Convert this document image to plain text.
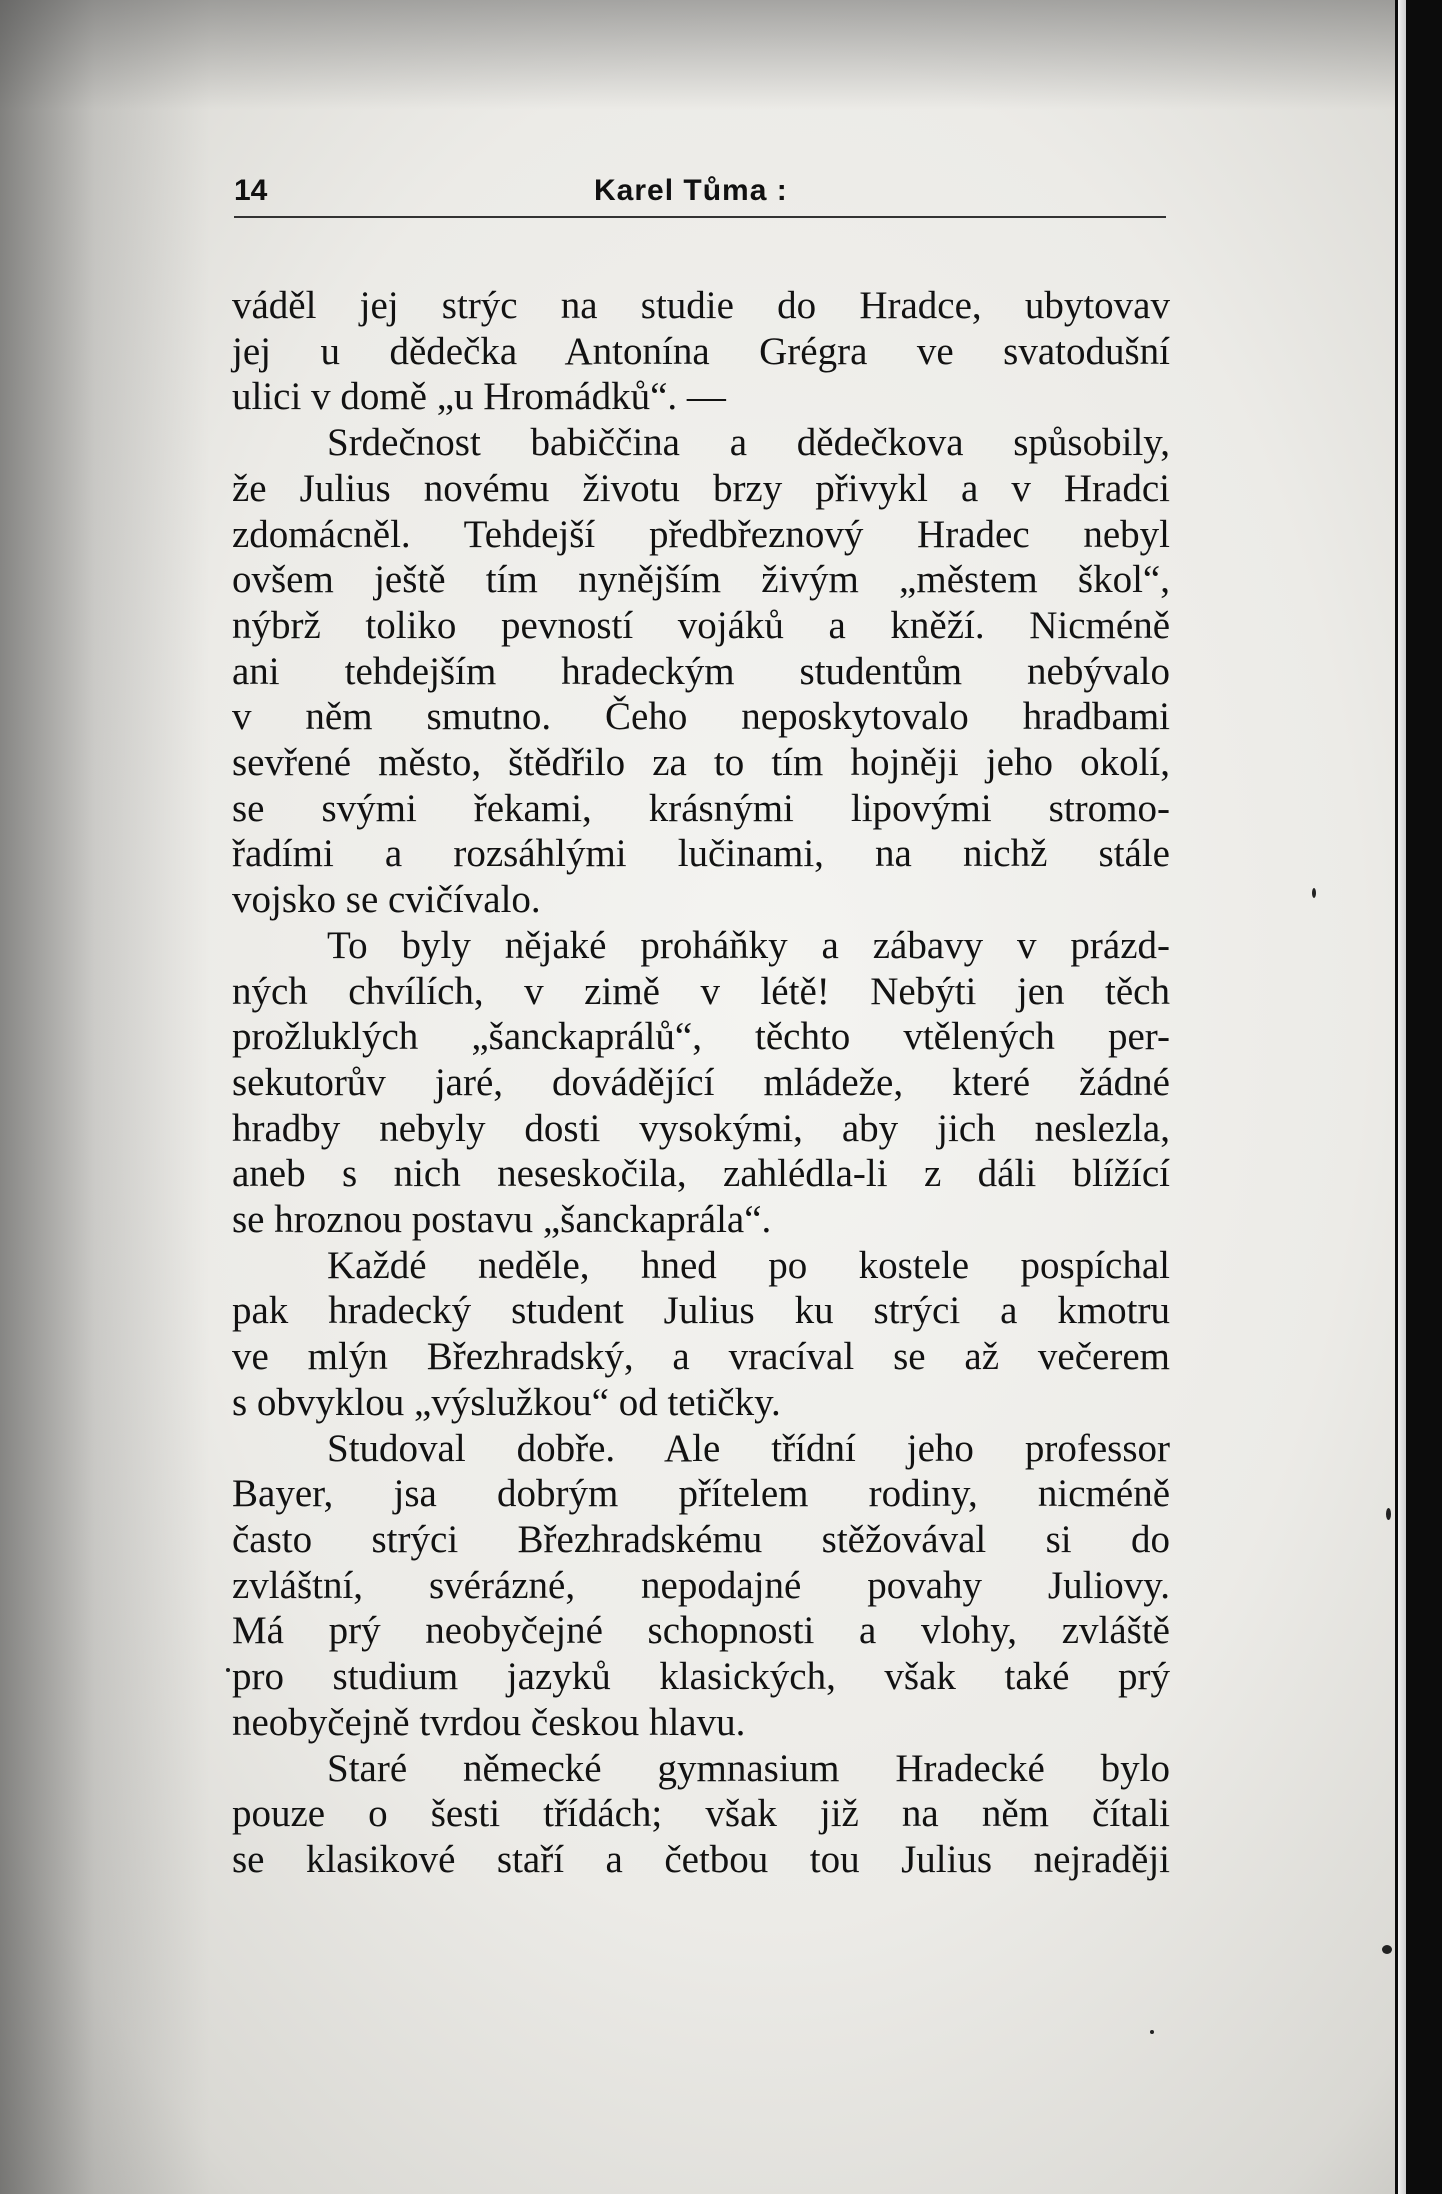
14	Karel Tůma :
váděl jej strýc na studie do Hradce, ubytovav
jej u dědečka Antonína Grégra ve svatodušní
ulici v domě „u Hromádků“. —
Srdečnost babiččina a dědečkova spůsobily,
že Julius novému životu brzy přivykl a v Hradci
zdomácněl. Tehdejší předbřeznový Hradec nebyl
ovšem ještě tím nynějším živým „městem škol“,
nýbrž toliko pevností vojáků a kněží. Nicméně
ani tehdejším hradeckým studentům nebývalo
v něm smutno. Čeho neposkytovalo hradbami
sevřené město, štědřilo za to tím hojněji jeho okolí,
se svými řekami, krásnými lipovými stromo-
řadími a rozsáhlými lučinami, na nichž stále
vojsko se cvičívalo.
To byly nějaké proháňky a zábavy v prázd-
ných chvílích, v zimě v létě! Nebýti jen těch
prožluklých „šanckaprálů“, těchto vtělených per-
sekutorův jaré, dovádějící mládeže, které žádné
hradby nebyly dosti vysokými, aby jich neslezla,
aneb s nich neseskočila, zahlédla-li z dáli blížící
se hroznou postavu „šanckaprála“.
Každé neděle, hned po kostele pospíchal
pak hradecký student Julius ku strýci a kmotru
ve mlýn Březhradský, a vracíval se až večerem
s obvyklou „výslužkou“ od tetičky.
Studoval dobře. Ale třídní jeho professor
Bayer, jsa dobrým přítelem rodiny, nicméně
často strýci Březhradskému stěžovával si do
zvláštní, svérázné, nepodajné povahy Juliovy.
Má prý neobyčejné schopnosti a vlohy, zvláště
pro studium jazyků klasických, však také prý
neobyčejně tvrdou českou hlavu.
Staré německé gymnasium Hradecké bylo
pouze o šesti třídách; však již na něm čítali
se klasikové staří a četbou tou Julius nejraději
